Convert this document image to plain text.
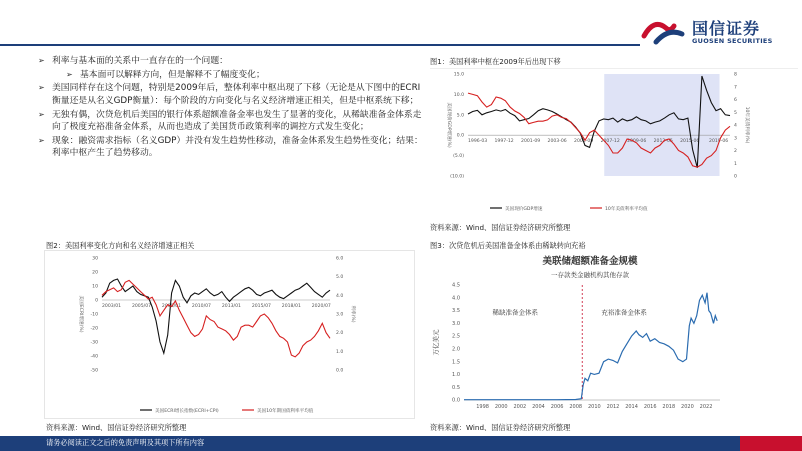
国信证券
GUOSEN SECURITIES
➢ 利率与基本面的关系中一直存在的一个问题：
➢ 基本面可以解释方向，但是解释不了幅度变化；
➢ 美国同样存在这个问题，特别是2009年后，整体利率中枢出现了下移（无论是从下图中的ECRI衡量还是从名义GDP衡量）：每个阶段的方向变化与名义经济增速正相关，但是中枢系统下移；
➢ 无独有偶，次贷危机后美国的银行体系超额准备金率也发生了显著的变化，从稀缺准备金体系走向了极度充裕准备金体系，从而也造成了美国货币政策利率的调控方式发生变化；
➢ 现象：融资需求指标（名义GDP）并没有发生趋势性移动，准备金体系发生趋势性变化；结果：利率中枢产生了趋势移动。
图1：美国利率中枢在2009年后出现下移
15.0
10.0
5.0
0.0
(5.0)
(10.0)
1996-03 1997-12 2001-09 2003-06 2005-09 2007-12 2009-06 2012-05 2015-06 2019-06
8
7
6
5
4
3
2
1
0
美国现价GDP增速(%)	10年美债利率(%)
美国现价GDP增速	10年美债利率平均值
资料来源：Wind、国信证券经济研究所整理
图2：美国利率变化方向和名义经济增速正相关
30
20
10
0
-10
-20
-30
-40
-50
6.0
5.0
4.0
3.0
2.0
1.0
0.0
2003/01 2005/07 2008/01 2010/07 2013/01 2015/07 2018/01 2020/07
美国ECRI增速(%)	利率(%)
美国ECRI增长指数(ECRI+CPI)	美国10年期国债利率平均值
资料来源：Wind、国信证券经济研究所整理
图3：次贷危机后美国准备金体系由稀缺转向充裕
美联储超额准备金规模
一存款类金融机构其他存款
0.0
0.5
1.0
1.5
2.0
2.5
3.0
3.5
4.0
4.5
1998 2000 2002 2004 2006 2008 2010 2012 2014 2016 2018 2020 2022
万亿美元
稀缺准备金体系	充裕准备金体系
资料来源：Wind、国信证券经济研究所整理
请务必阅读正文之后的免责声明及其项下所有内容
